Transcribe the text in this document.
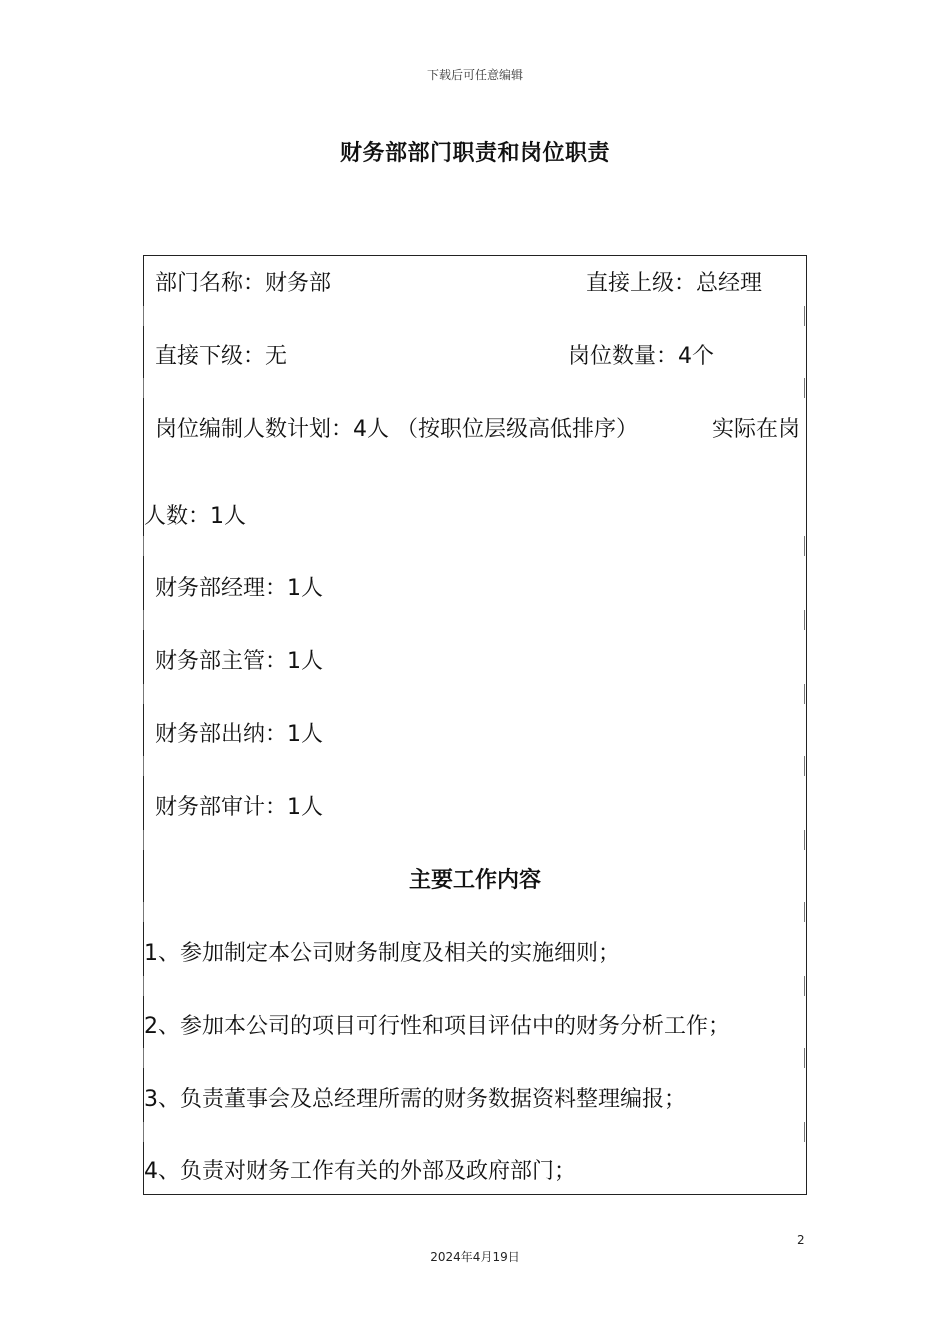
下载后可任意编辑
财务部部门职责和岗位职责
部门名称：财务部	直接上级：总经理
直接下级：无	岗位数量：4个
岗位编制人数计划：4人 （按职位层级高低排序）	实际在岗
人数：1人
财务部经理：1人
财务部主管：1人
财务部出纳：1人
财务部审计：1人
主要工作内容
1、参加制定本公司财务制度及相关的实施细则；
2、参加本公司的项目可行性和项目评估中的财务分析工作；
3、负责董事会及总经理所需的财务数据资料整理编报；
4、负责对财务工作有关的外部及政府部门；
2
2024年4月19日
